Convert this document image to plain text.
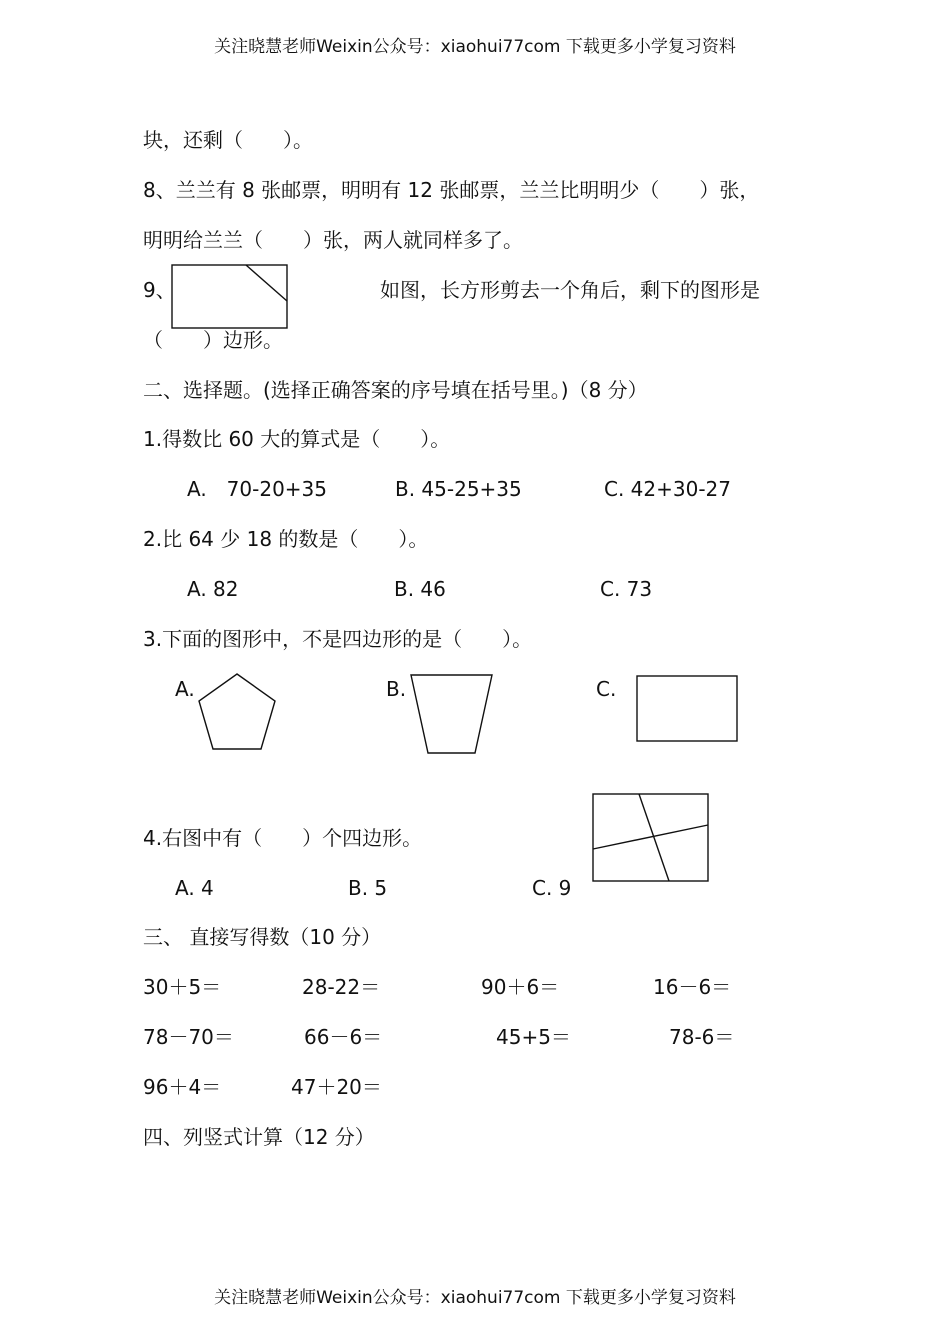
关注晓慧老师Weixin公众号：xiaohui77com 下载更多小学复习资料
块，还剩（　　）。
8、兰兰有 8 张邮票，明明有 12 张邮票，兰兰比明明少（　　）张，
明明给兰兰（　　）张，两人就同样多了。
9、	如图，长方形剪去一个角后，剩下的图形是
（　　）边形。
二、选择题。(选择正确答案的序号填在括号里。)（8 分）
1.得数比 60 大的算式是（　　）。
A.　70-20+35	B. 45-25+35	C. 42+30-27
2.比 64 少 18 的数是（　　）。
A. 82	B. 46	C. 73
3.下面的图形中，不是四边形的是（　　）。
A.	B.	C.
4.右图中有（　　）个四边形。
A. 4	B. 5	C. 9
三、 直接写得数（10 分）
30＋5＝	28-22＝	90＋6＝	16－6＝
78－70＝	66－6＝	45+5＝	78-6＝
96＋4＝	47＋20＝
四、列竖式计算（12 分）
关注晓慧老师Weixin公众号：xiaohui77com 下载更多小学复习资料
